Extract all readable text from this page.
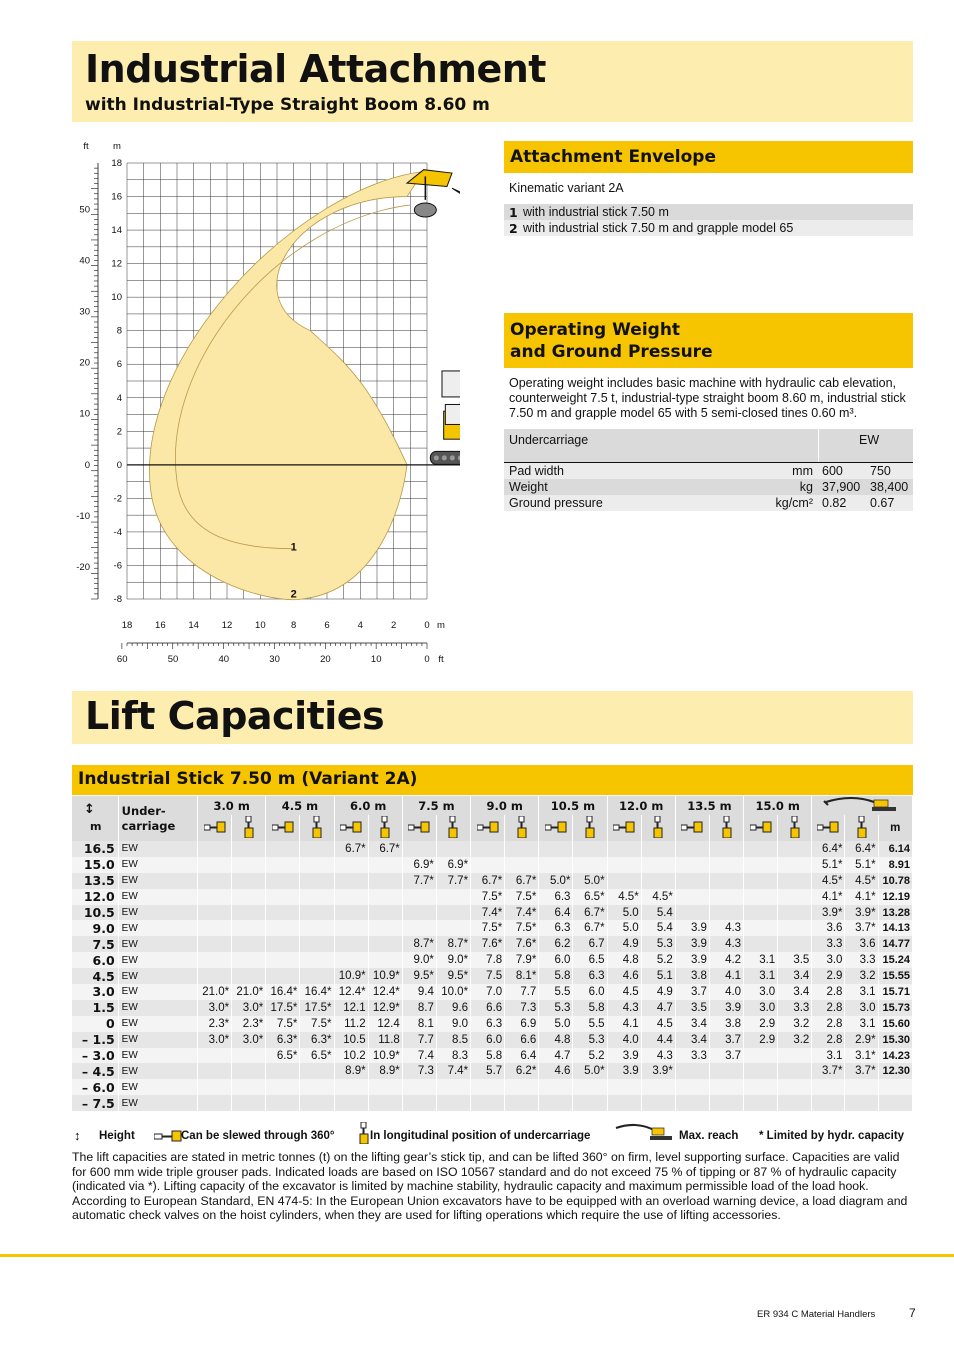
Industrial Attachment
with Industrial-Type Straight Boom 8.60 m
ft	m
18
16
14
12
10
8
6
4
2
0
-2
-4
-6
-8
50
40
30
20
10
0
-10
-20
18 16 14 12 10	8	6	4	2	0 m
60	50	40	30	20	10	0 ft
1
2
Attachment Envelope
Kinematic variant 2A
1 with industrial stick 7.50 m
2 with industrial stick 7.50 m and grapple model 65
Operating Weight
and Ground Pressure
Operating weight includes basic machine with hydraulic cab elevation, counterweight 7.5 t, industrial-type straight boom 8.60 m, industrial stick 7.50 m and grapple model 65 with 5 semi-closed tines 0.60 m³.
Undercarriage	EW
Pad width	mm 600 750
Weight	kg 37,900 38,400
Ground pressure	kg/cm² 0.82 0.67
Lift Capacities
Industrial Stick 7.50 m (Variant 2A)
↕
m	Under-
carriage	3.0 m		4.5 m		6.0 m		7.5 m		9.0 m		10.5 m		12.0 m		13.5 m		15.0 m	
																				m
16.5	EW					6.7*	6.7*													6.4*	6.4*	6.14
15.0	EW							6.9*	6.9*											5.1*	5.1*	8.91
13.5	EW							7.7*	7.7*	6.7*	6.7*	5.0*	5.0*							4.5*	4.5*	10.78
12.0	EW									7.5*	7.5*	6.3	6.5*	4.5*	4.5*					4.1*	4.1*	12.19
10.5	EW									7.4*	7.4*	6.4	6.7*	5.0	5.4					3.9*	3.9*	13.28
9.0	EW									7.5*	7.5*	6.3	6.7*	5.0	5.4	3.9	4.3			3.6	3.7*	14.13
7.5	EW							8.7*	8.7*	7.6*	7.6*	6.2	6.7	4.9	5.3	3.9	4.3			3.3	3.6	14.77
6.0	EW							9.0*	9.0*	7.8	7.9*	6.0	6.5	4.8	5.2	3.9	4.2	3.1	3.5	3.0	3.3	15.24
4.5	EW					10.9*	10.9*	9.5*	9.5*	7.5	8.1*	5.8	6.3	4.6	5.1	3.8	4.1	3.1	3.4	2.9	3.2	15.55
3.0	EW	21.0*	21.0*	16.4*	16.4*	12.4*	12.4*	9.4	10.0*	7.0	7.7	5.5	6.0	4.5	4.9	3.7	4.0	3.0	3.4	2.8	3.1	15.71
1.5	EW	3.0*	3.0*	17.5*	17.5*	12.1	12.9*	8.7	9.6	6.6	7.3	5.3	5.8	4.3	4.7	3.5	3.9	3.0	3.3	2.8	3.0	15.73
0	EW	2.3*	2.3*	7.5*	7.5*	11.2	12.4	8.1	9.0	6.3	6.9	5.0	5.5	4.1	4.5	3.4	3.8	2.9	3.2	2.8	3.1	15.60
– 1.5	EW	3.0*	3.0*	6.3*	6.3*	10.5	11.8	7.7	8.5	6.0	6.6	4.8	5.3	4.0	4.4	3.4	3.7	2.9	3.2	2.8	2.9*	15.30
– 3.0	EW			6.5*	6.5*	10.2	10.9*	7.4	8.3	5.8	6.4	4.7	5.2	3.9	4.3	3.3	3.7			3.1	3.1*	14.23
– 4.5	EW					8.9*	8.9*	7.3	7.4*	5.7	6.2*	4.6	5.0*	3.9	3.9*					3.7*	3.7*	12.30
– 6.0	EW																					
– 7.5	EW																					
↕ Height	Can be slewed through 360°	In longitudinal position of undercarriage	Max. reach * Limited by hydr. capacity
The lift capacities are stated in metric tonnes (t) on the lifting gear’s stick tip, and can be lifted 360° on firm, level supporting surface. Capacities are valid for 600 mm wide triple grouser pads. Indicated loads are based on ISO 10567 standard and do not exceed 75 % of tipping or 87 % of hydraulic capacity (indicated via *). Lifting capacity of the excavator is limited by machine stability, hydraulic capacity and maximum permissible load of the load hook.
According to European Standard, EN 474-5: In the European Union excavators have to be equipped with an overload warning device, a load diagram and automatic check valves on the hoist cylinders, when they are used for lifting operations which require the use of lifting accessories.
ER 934 C Material Handlers	7
